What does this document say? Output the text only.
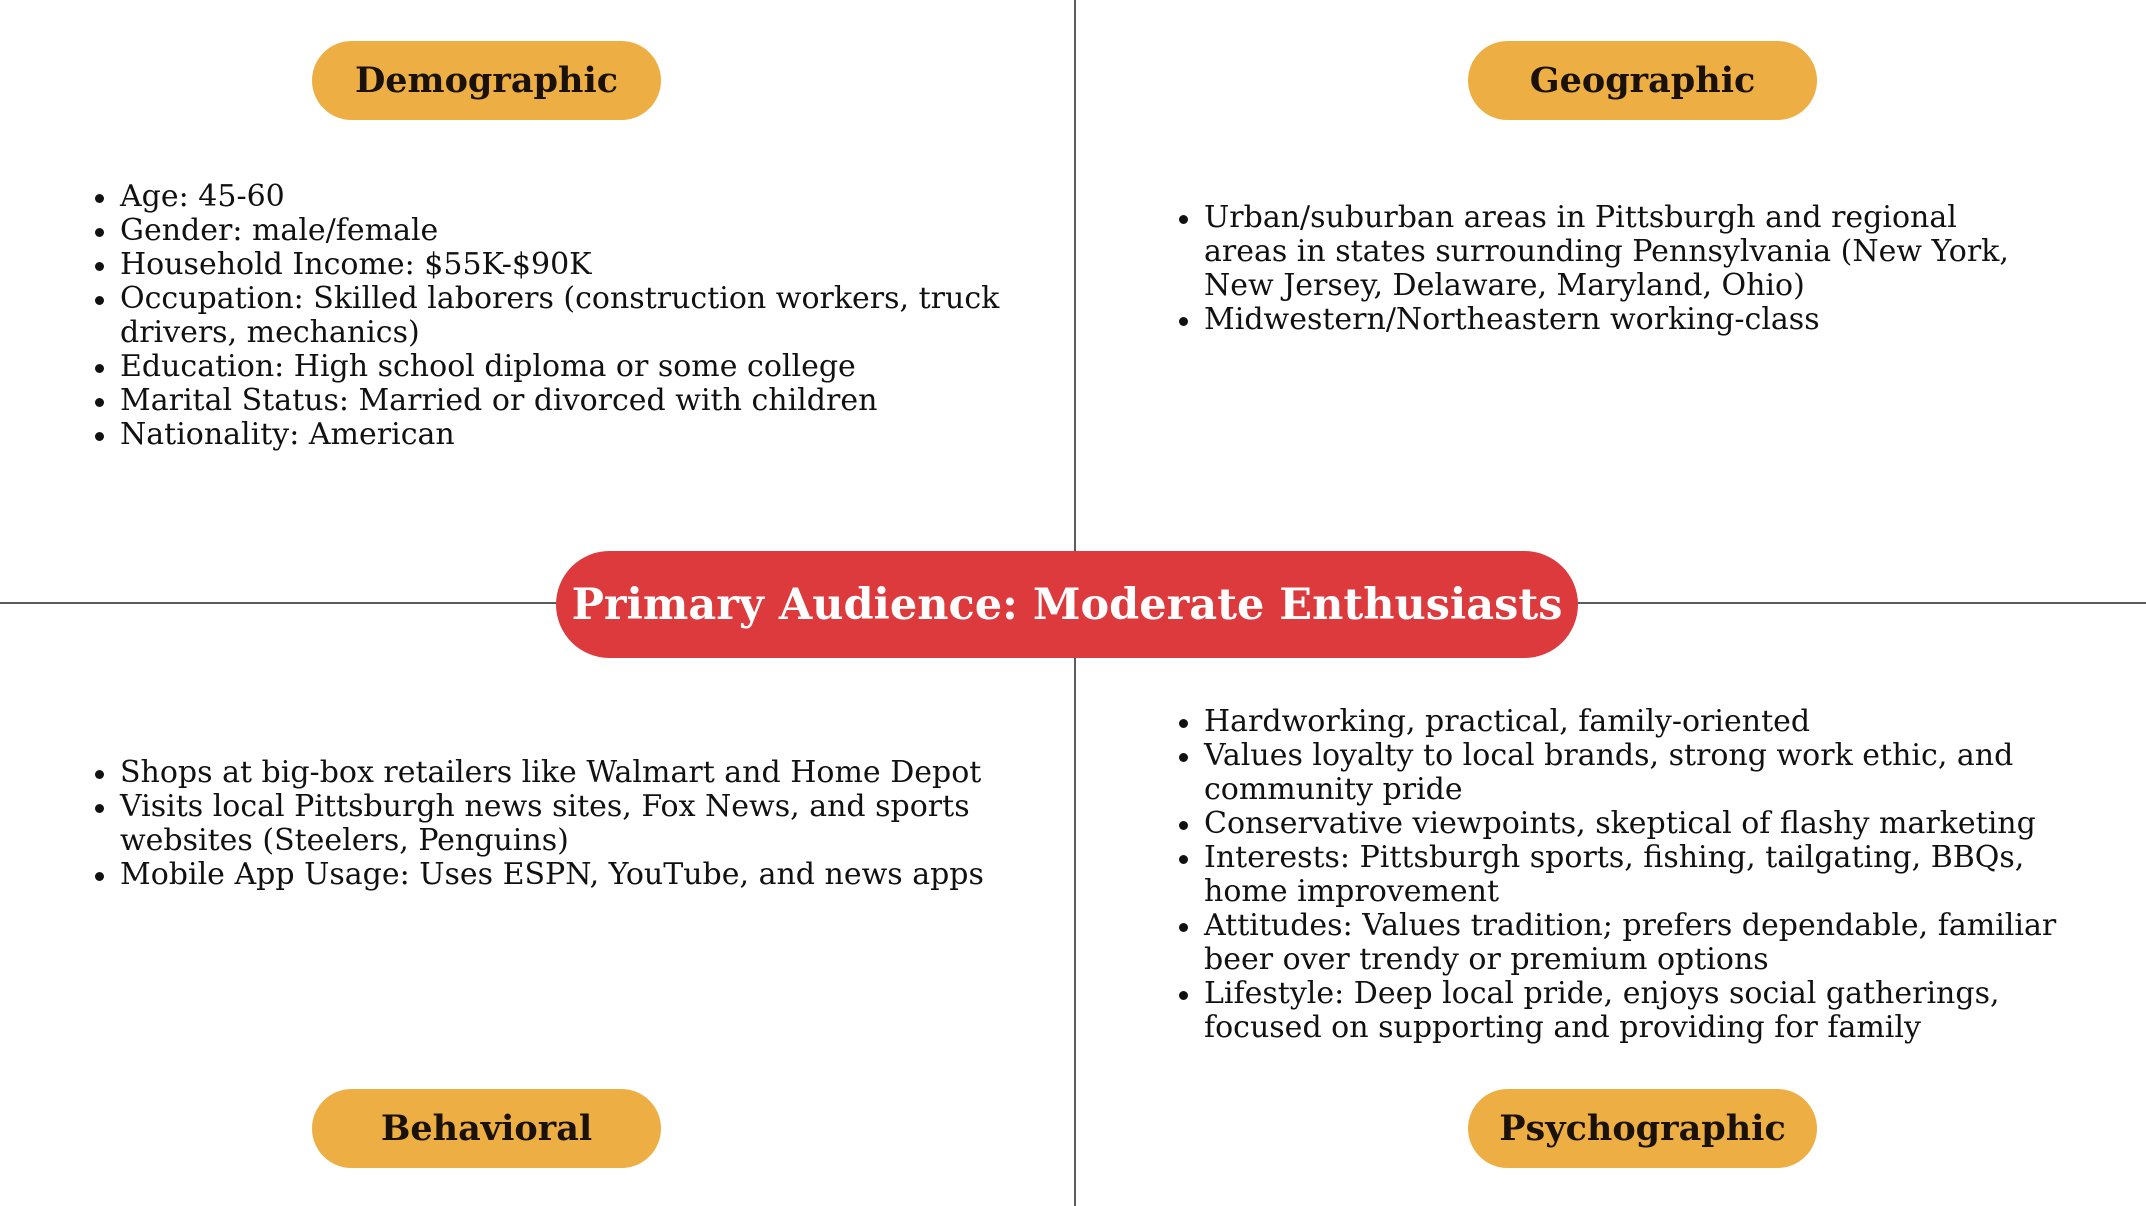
Demographic	Geographic
Behavioral	Psychographic
Primary Audience: Moderate Enthusiasts
Age: 45-60
Gender: male/female
Household Income: $55K-$90K
Occupation: Skilled laborers (construction workers, truck drivers, mechanics)
Education: High school diploma or some college
Marital Status: Married or divorced with children
Nationality: American
Urban/suburban areas in Pittsburgh and regional areas in states surrounding Pennsylvania (New York, New Jersey, Delaware, Maryland, Ohio)
Midwestern/Northeastern working-class
Shops at big-box retailers like Walmart and Home Depot
Visits local Pittsburgh news sites, Fox News, and sports websites (Steelers, Penguins)
Mobile App Usage: Uses ESPN, YouTube, and news apps
Hardworking, practical, family-oriented
Values loyalty to local brands, strong work ethic, and community pride
Conservative viewpoints, skeptical of flashy marketing
Interests: Pittsburgh sports, fishing, tailgating, BBQs, home improvement
Attitudes: Values tradition; prefers dependable, familiar beer over trendy or premium options
Lifestyle: Deep local pride, enjoys social gatherings, focused on supporting and providing for family
